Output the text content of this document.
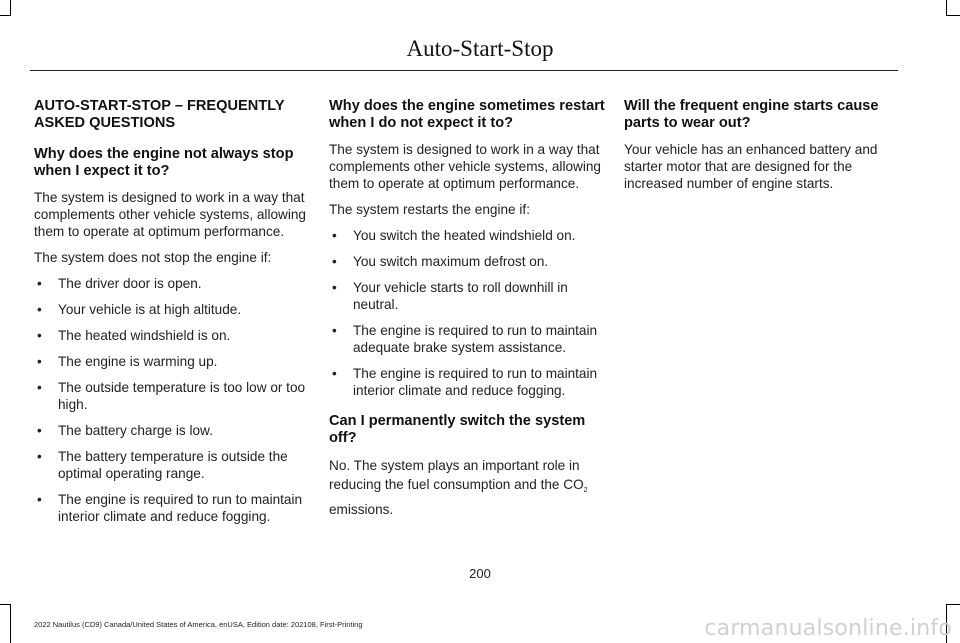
Auto-Start-Stop
AUTO-START-STOP – FREQUENTLY ASKED QUESTIONS
Why does the engine not always stop when I expect it to?
The system is designed to work in a way that complements other vehicle systems, allowing them to operate at optimum performance.
The system does not stop the engine if:
• The driver door is open.
• Your vehicle is at high altitude.
• The heated windshield is on.
• The engine is warming up.
• The outside temperature is too low or too high.
• The battery charge is low.
• The battery temperature is outside the optimal operating range.
• The engine is required to run to maintain interior climate and reduce fogging.
Why does the engine sometimes restart when I do not expect it to?
The system is designed to work in a way that complements other vehicle systems, allowing them to operate at optimum performance.
The system restarts the engine if:
• You switch the heated windshield on.
• You switch maximum defrost on.
• Your vehicle starts to roll downhill in neutral.
• The engine is required to run to maintain adequate brake system assistance.
• The engine is required to run to maintain interior climate and reduce fogging.
Can I permanently switch the system off?
No. The system plays an important role in reducing the fuel consumption and the $CO_2$ emissions.
Will the frequent engine starts cause parts to wear out?
Your vehicle has an enhanced battery and starter motor that are designed for the increased number of engine starts.
200
2022 Nautilus (CD9) Canada/United States of America, enUSA, Edition date: 202108, First-Printing	carmanualsonline.info
